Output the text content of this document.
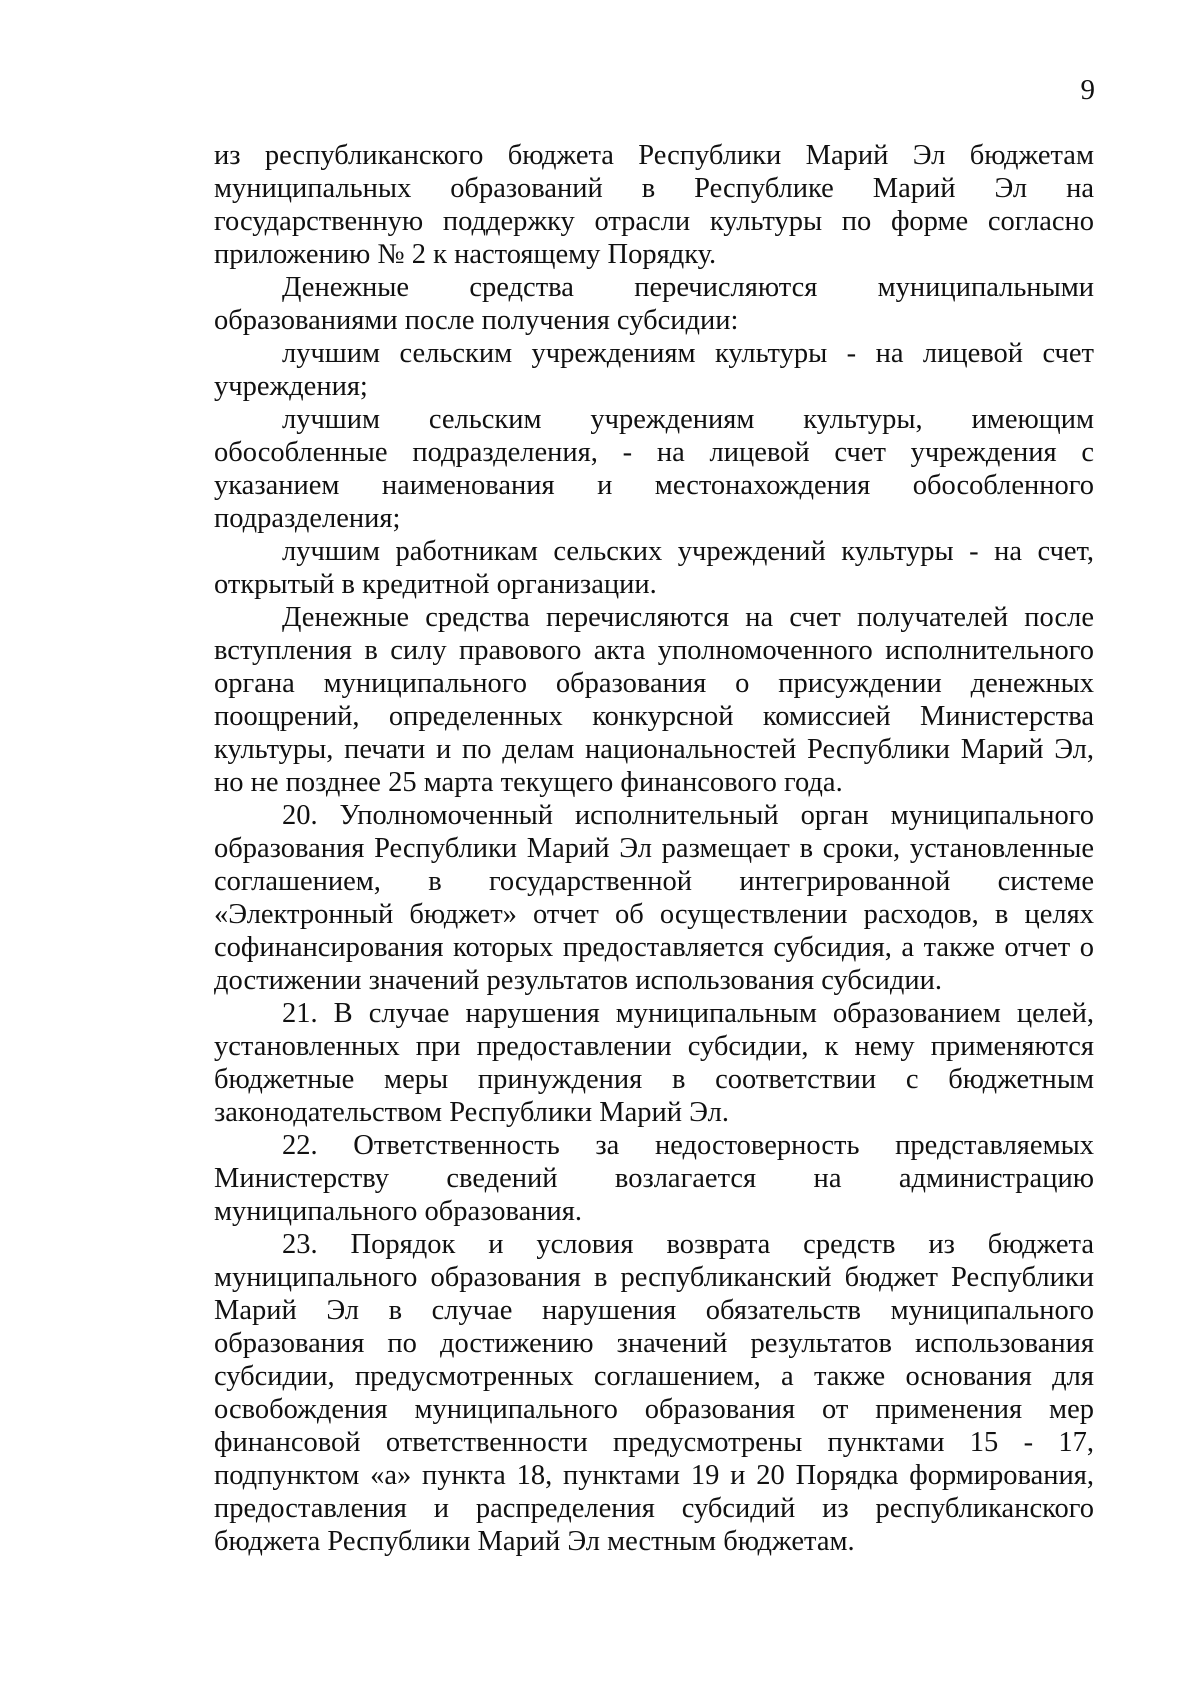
9

из республиканского бюджета Республики Марий Эл бюджетам муниципальных образований в Республике Марий Эл на государственную поддержку отрасли культуры по форме согласно приложению № 2 к настоящему Порядку.

Денежные средства перечисляются муниципальными образованиями после получения субсидии:

лучшим сельским учреждениям культуры - на лицевой счет учреждения;

лучшим сельским учреждениям культуры, имеющим обособленные подразделения, - на лицевой счет учреждения с указанием наименования и местонахождения обособленного подразделения;

лучшим работникам сельских учреждений культуры - на счет, открытый в кредитной организации.

Денежные средства перечисляются на счет получателей после вступления в силу правового акта уполномоченного исполнительного органа муниципального образования о присуждении денежных поощрений, определенных конкурсной комиссией Министерства культуры, печати и по делам национальностей Республики Марий Эл, но не позднее 25 марта текущего финансового года.

20. Уполномоченный исполнительный орган муниципального образования Республики Марий Эл размещает в сроки, установленные соглашением, в государственной интегрированной системе «Электронный бюджет» отчет об осуществлении расходов, в целях софинансирования которых предоставляется субсидия, а также отчет о достижении значений результатов использования субсидии.

21. В случае нарушения муниципальным образованием целей, установленных при предоставлении субсидии, к нему применяются бюджетные меры принуждения в соответствии с бюджетным законодательством Республики Марий Эл.

22. Ответственность за недостоверность представляемых Министерству сведений возлагается на администрацию муниципального образования.

23. Порядок и условия возврата средств из бюджета муниципального образования в республиканский бюджет Республики Марий Эл в случае нарушения обязательств муниципального образования по достижению значений результатов использования субсидии, предусмотренных соглашением, а также основания для освобождения муниципального образования от применения мер финансовой ответственности предусмотрены пунктами 15 - 17, подпунктом «а» пункта 18, пунктами 19 и 20 Порядка формирования, предоставления и распределения субсидий из республиканского бюджета Республики Марий Эл местным бюджетам.
